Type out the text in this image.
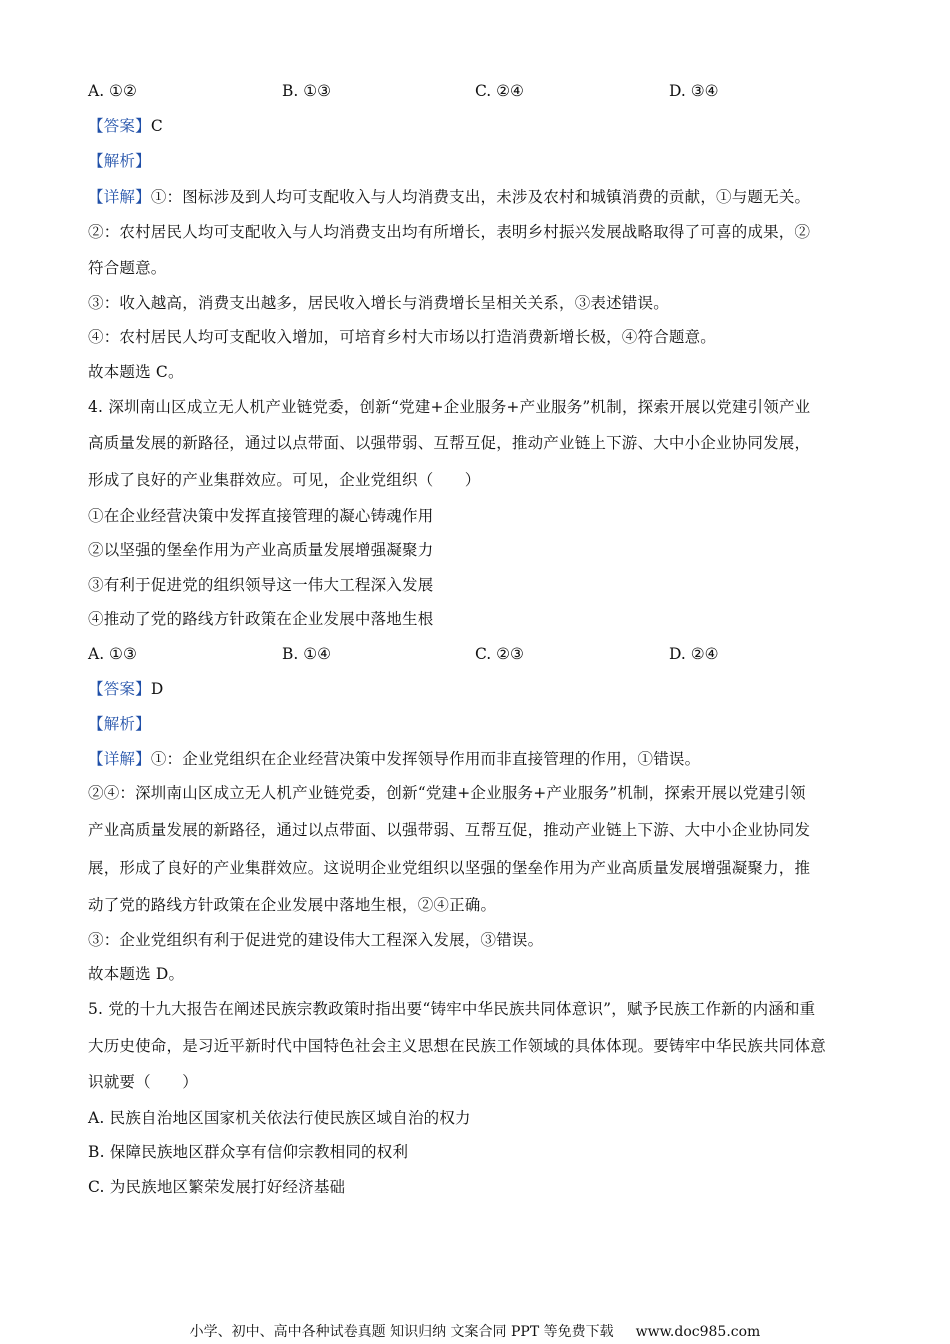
A. ①②	B. ①③	C. ②④	D. ③④
【答案】C
【解析】
【详解】①：图标涉及到人均可支配收入与人均消费支出，未涉及农村和城镇消费的贡献，①与题无关。
②：农村居民人均可支配收入与人均消费支出均有所增长，表明乡村振兴发展战略取得了可喜的成果，②
符合题意。
③：收入越高，消费支出越多，居民收入增长与消费增长呈相关关系，③表述错误。
④：农村居民人均可支配收入增加，可培育乡村大市场以打造消费新增长极，④符合题意。
故本题选 C。
4. 深圳南山区成立无人机产业链党委，创新“党建+企业服务+产业服务”机制，探索开展以党建引领产业
高质量发展的新路径，通过以点带面、以强带弱、互帮互促，推动产业链上下游、大中小企业协同发展，
形成了良好的产业集群效应。可见，企业党组织（　　）
①在企业经营决策中发挥直接管理的凝心铸魂作用
②以坚强的堡垒作用为产业高质量发展增强凝聚力
③有利于促进党的组织领导这一伟大工程深入发展
④推动了党的路线方针政策在企业发展中落地生根
A. ①③	B. ①④	C. ②③	D. ②④
【答案】D
【解析】
【详解】①：企业党组织在企业经营决策中发挥领导作用而非直接管理的作用，①错误。
②④：深圳南山区成立无人机产业链党委，创新“党建+企业服务+产业服务”机制，探索开展以党建引领
产业高质量发展的新路径，通过以点带面、以强带弱、互帮互促，推动产业链上下游、大中小企业协同发
展，形成了良好的产业集群效应。这说明企业党组织以坚强的堡垒作用为产业高质量发展增强凝聚力，推
动了党的路线方针政策在企业发展中落地生根，②④正确。
③：企业党组织有利于促进党的建设伟大工程深入发展，③错误。
故本题选 D。
5. 党的十九大报告在阐述民族宗教政策时指出要“铸牢中华民族共同体意识”，赋予民族工作新的内涵和重
大历史使命，是习近平新时代中国特色社会主义思想在民族工作领域的具体体现。要铸牢中华民族共同体意
识就要（　　）
A. 民族自治地区国家机关依法行使民族区域自治的权力
B. 保障民族地区群众享有信仰宗教相同的权利
C. 为民族地区繁荣发展打好经济基础
小学、初中、高中各种试卷真题 知识归纳 文案合同 PPT 等免费下载 www.doc985.com
